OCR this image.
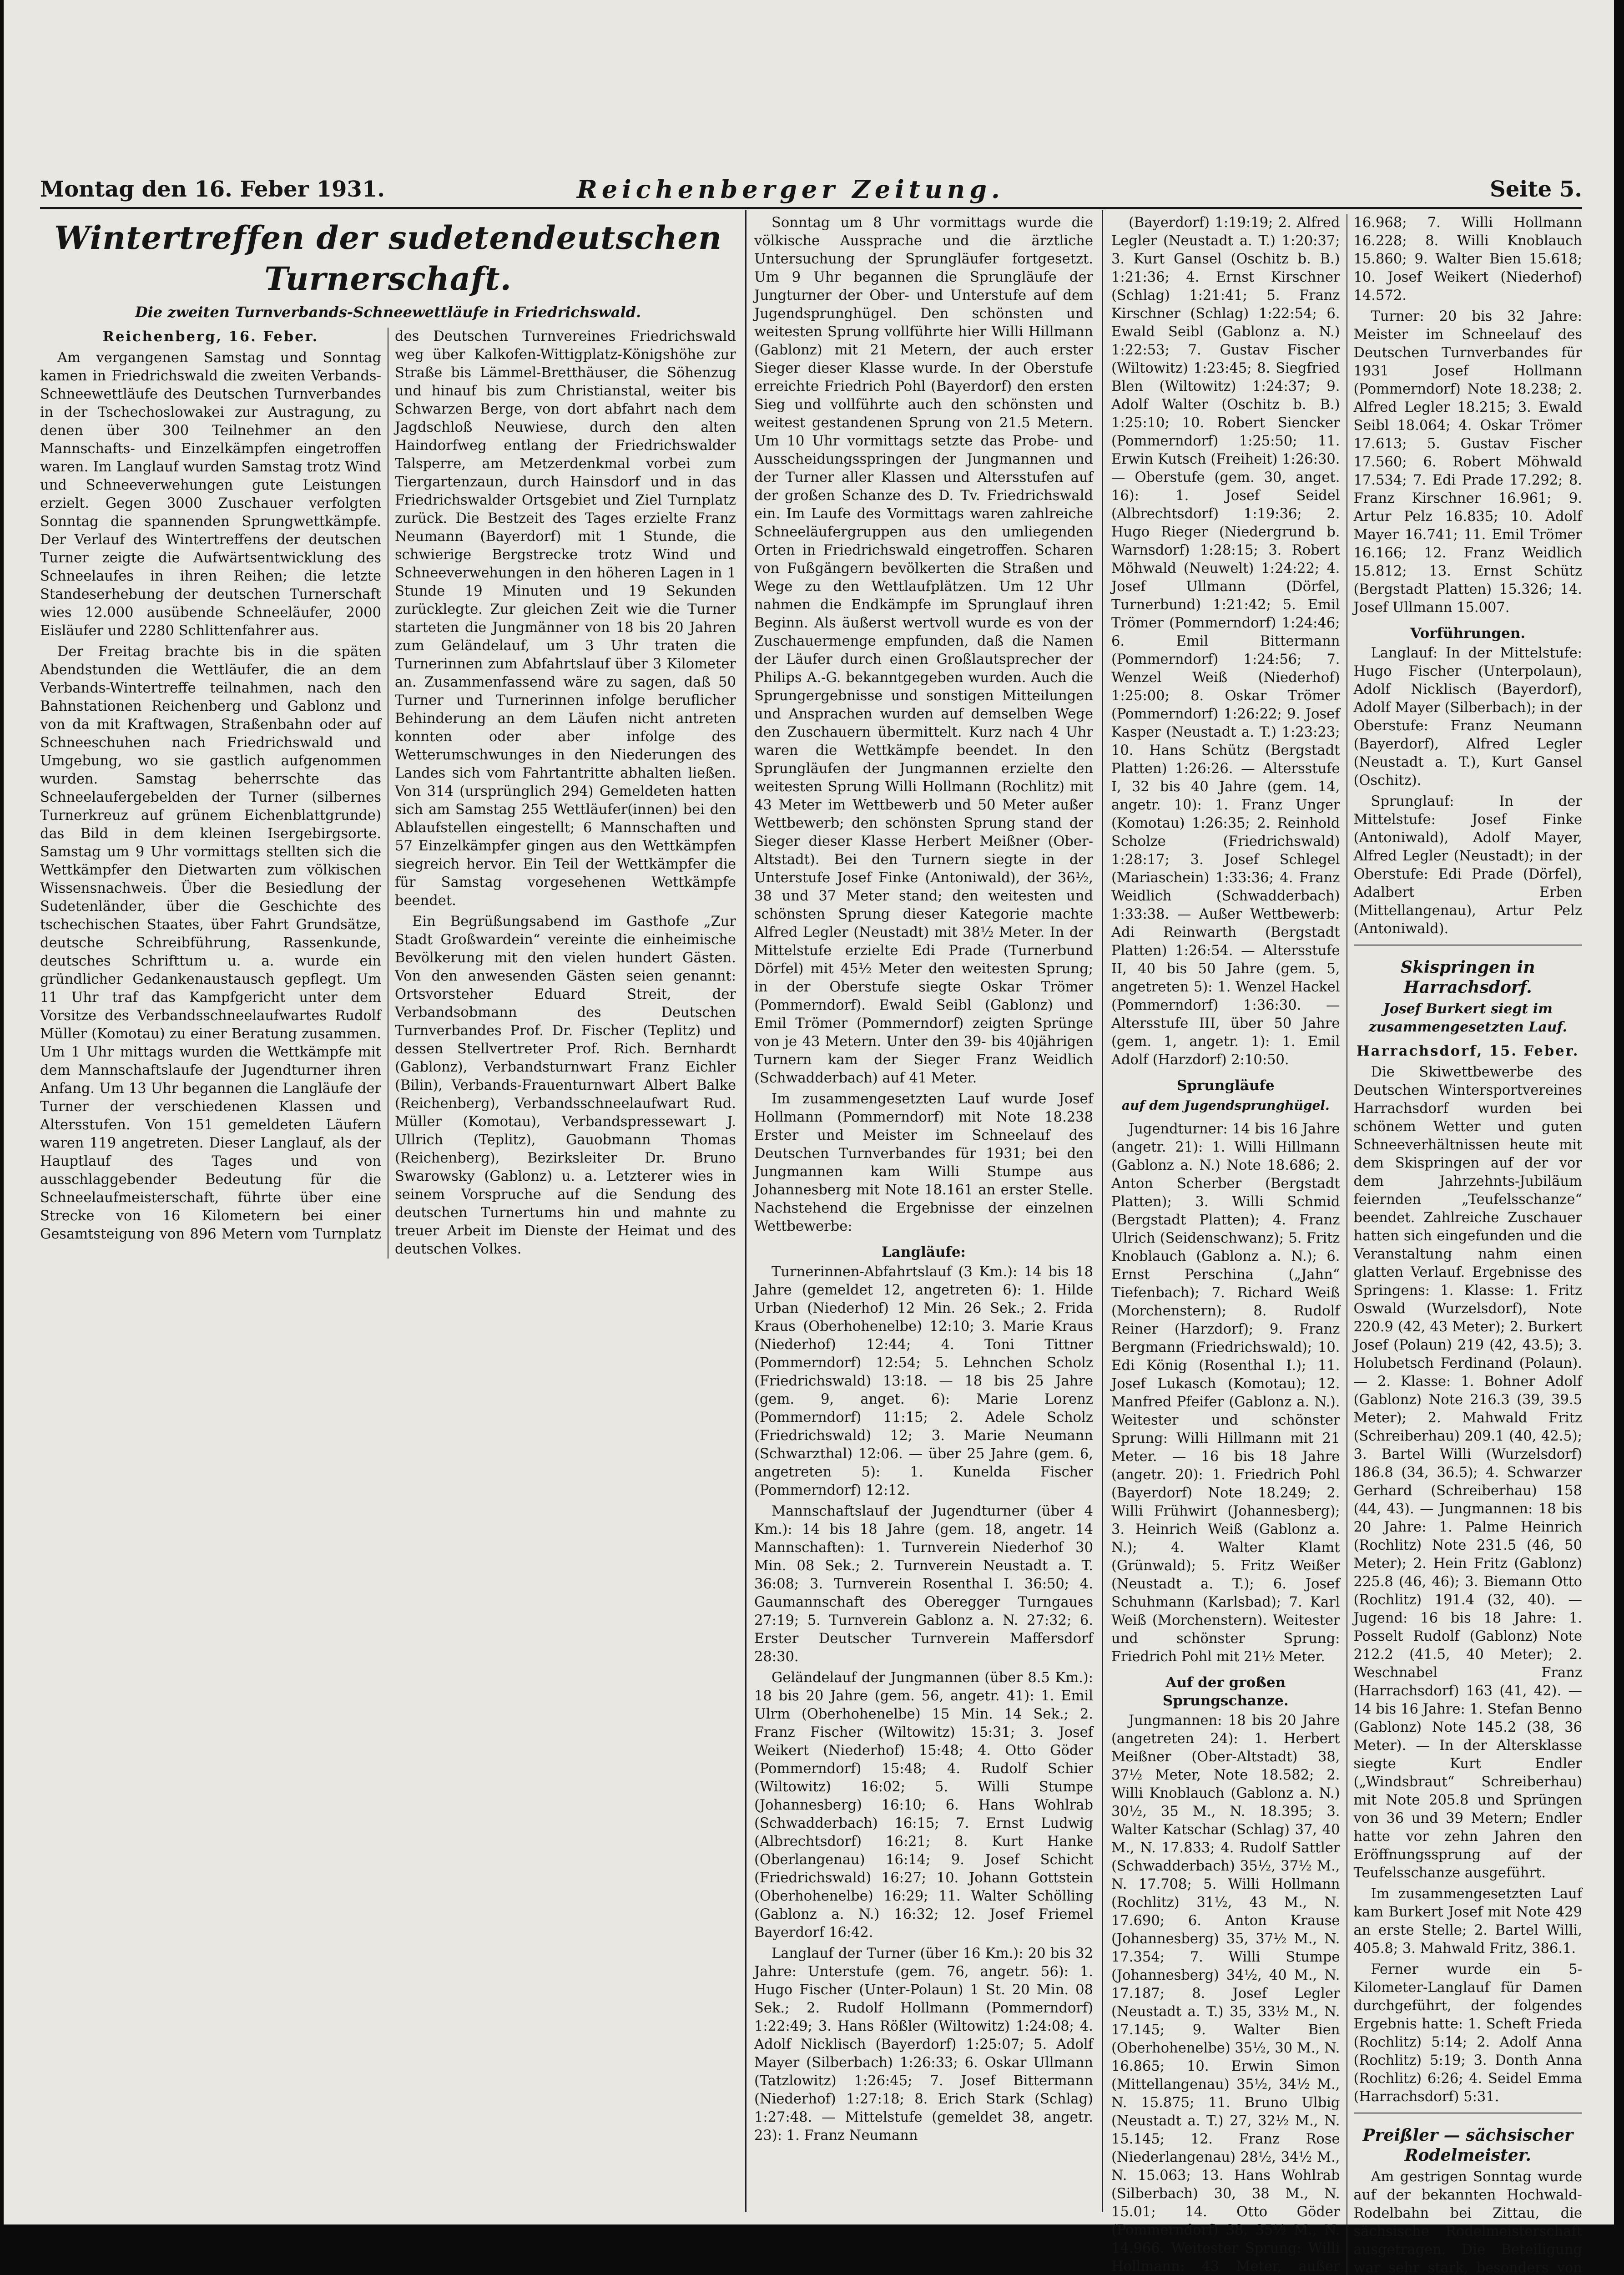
Montag den 16. Feber 1931.	Reichenberger Zeitung.	Seite 5.
Wintertreffen der sudetendeutschen Turnerschaft.
Die zweiten Turnverbands-Schneewettläufe in Friedrichswald.

Reichenberg, 16. Feber.

Am vergangenen Samstag und Sonntag kamen in Friedrichswald die zweiten Verbands-Schneewettläufe des Deutschen Turnverbandes in der Tschechoslowakei zur Austragung, zu denen über 300 Teilnehmer an den Mannschafts- und Einzelkämpfen eingetroffen waren. Im Langlauf wurden Samstag trotz Wind und Schneeverwehungen gute Leistungen erzielt. Gegen 3000 Zuschauer verfolgten Sonntag die spannenden Sprungwettkämpfe. Der Verlauf des Wintertreffens der deutschen Turner zeigte die Aufwärtsentwicklung des Schneelaufes in ihren Reihen; die letzte Standeserhebung der deutschen Turnerschaft wies 12.000 ausübende Schneeläufer, 2000 Eisläufer und 2280 Schlittenfahrer aus.

Der Freitag brachte bis in die späten Abendstunden die Wettläufer, die an dem Verbands-Wintertreffe teilnahmen, nach den Bahnstationen Reichenberg und Gablonz und von da mit Kraftwagen, Straßenbahn oder auf Schneeschuhen nach Friedrichswald und Umgebung, wo sie gastlich aufgenommen wurden. Samstag beherrschte das Schneelaufergebelden der Turner (silbernes Turnerkreuz auf grünem Eichenblattgrunde) das Bild in dem kleinen Isergebirgsorte. Samstag um 9 Uhr vormittags stellten sich die Wettkämpfer den Dietwarten zum völkischen Wissensnachweis. Über die Besiedlung der Sudetenländer, über die Geschichte des tschechischen Staates, über Fahrt Grundsätze, deutsche Schreibführung, Rassenkunde, deutsches Schrifttum u. a. wurde ein gründlicher Gedankenaustausch gepflegt. Um 11 Uhr traf das Kampfgericht unter dem Vorsitze des Verbandsschneelaufwartes Rudolf Müller (Komotau) zu einer Beratung zusammen. Um 1 Uhr mittags wurden die Wettkämpfe mit dem Mannschaftslaufe der Jugendturner ihren Anfang. Um 13 Uhr begannen die Langläufe der Turner der verschiedenen Klassen und Altersstufen. Von 151 gemeldeten Läufern waren 119 angetreten. Dieser Langlauf, als der Hauptlauf des Tages und von ausschlaggebender Bedeutung für die Schneelaufmeisterschaft, führte über eine Strecke von 16 Kilometern bei einer Gesamtsteigung von 896 Metern vom Turnplatz des Deutschen Turnvereines Friedrichswald weg über Kalkofen-Wittigplatz-Königshöhe zur Straße bis Lämmel-Bretthäuser, die Söhenzug und hinauf bis zum Christianstal, weiter bis Schwarzen Berge, von dort abfahrt nach dem Jagdschloß Neuwiese, durch den alten Haindorfweg entlang der Friedrichswalder Talsperre, am Metzerdenkmal vorbei zum Tiergartenzaun, durch Hainsdorf und in das Friedrichswalder Ortsgebiet und Ziel Turnplatz zurück. Die Bestzeit des Tages erzielte Franz Neumann (Bayerdorf) mit 1 Stunde, die schwierige Bergstrecke trotz Wind und Schneeverwehungen in den höheren Lagen in 1 Stunde 19 Minuten und 19 Sekunden zurücklegte. Zur gleichen Zeit wie die Turner starteten die Jungmänner von 18 bis 20 Jahren zum Geländelauf, um 3 Uhr traten die Turnerinnen zum Abfahrtslauf über 3 Kilometer an. Zusammenfassend wäre zu sagen, daß 50 Turner und Turnerinnen infolge beruflicher Behinderung an dem Läufen nicht antreten konnten oder aber infolge des Wetterumschwunges in den Niederungen des Landes sich vom Fahrtantritte abhalten ließen. Von 314 (ursprünglich 294) Gemeldeten hatten sich am Samstag 255 Wettläufer(innen) bei den Ablaufstellen eingestellt; 6 Mannschaften und 57 Einzelkämpfer gingen aus den Wettkämpfen siegreich hervor. Ein Teil der Wettkämpfer die für Samstag vorgesehenen Wettkämpfe beendet.

Ein Begrüßungsabend im Gasthofe „Zur Stadt Großwardein“ vereinte die einheimische Bevölkerung mit den vielen hundert Gästen. Von den anwesenden Gästen seien genannt: Ortsvorsteher Eduard Streit, der Verbandsobmann des Deutschen Turnverbandes Prof. Dr. Fischer (Teplitz) und dessen Stellvertreter Prof. Rich. Bernhardt (Gablonz), Verbandsturnwart Franz Eichler (Bilin), Verbands-Frauenturnwart Albert Balke (Reichenberg), Verbandsschneelaufwart Rud. Müller (Komotau), Verbandspressewart J. Ullrich (Teplitz), Gauobmann Thomas (Reichenberg), Bezirksleiter Dr. Bruno Swarowsky (Gablonz) u. a. Letzterer wies in seinem Vorspruche auf die Sendung des deutschen Turnertums hin und mahnte zu treuer Arbeit im Dienste der Heimat und des deutschen Volkes.

Sonntag um 8 Uhr vormittags wurde die völkische Aussprache und die ärztliche Untersuchung der Sprungläufer fortgesetzt. Um 9 Uhr begannen die Sprungläufe der Jungturner der Ober- und Unterstufe auf dem Jugendsprunghügel. Den schönsten und weitesten Sprung vollführte hier Willi Hillmann (Gablonz) mit 21 Metern, der auch erster Sieger dieser Klasse wurde. In der Oberstufe erreichte Friedrich Pohl (Bayerdorf) den ersten Sieg und vollführte auch den schönsten und weitest gestandenen Sprung von 21.5 Metern. Um 10 Uhr vormittags setzte das Probe- und Ausscheidungsspringen der Jungmannen und der Turner aller Klassen und Altersstufen auf der großen Schanze des D. Tv. Friedrichswald ein. Im Laufe des Vormittags waren zahlreiche Schneeläufergruppen aus den umliegenden Orten in Friedrichswald eingetroffen. Scharen von Fußgängern bevölkerten die Straßen und Wege zu den Wettlaufplätzen. Um 12 Uhr nahmen die Endkämpfe im Sprunglauf ihren Beginn. Als äußerst wertvoll wurde es von der Zuschauermenge empfunden, daß die Namen der Läufer durch einen Großlautsprecher der Philips A.-G. bekanntgegeben wurden. Auch die Sprungergebnisse und sonstigen Mitteilungen und Ansprachen wurden auf demselben Wege den Zuschauern übermittelt. Kurz nach 4 Uhr waren die Wettkämpfe beendet. In den Sprungläufen der Jungmannen erzielte den weitesten Sprung Willi Hollmann (Rochlitz) mit 43 Meter im Wettbewerb und 50 Meter außer Wettbewerb; den schönsten Sprung stand der Sieger dieser Klasse Herbert Meißner (Ober-Altstadt). Bei den Turnern siegte in der Unterstufe Josef Finke (Antoniwald), der 36½, 38 und 37 Meter stand; den weitesten und schönsten Sprung dieser Kategorie machte Alfred Legler (Neustadt) mit 38½ Meter. In der Mittelstufe erzielte Edi Prade (Turnerbund Dörfel) mit 45½ Meter den weitesten Sprung; in der Oberstufe siegte Oskar Trömer (Pommerndorf). Ewald Seibl (Gablonz) und Emil Trömer (Pommerndorf) zeigten Sprünge von je 43 Metern. Unter den 39- bis 40jährigen Turnern kam der Sieger Franz Weidlich (Schwadderbach) auf 41 Meter.

Im zusammengesetzten Lauf wurde Josef Hollmann (Pommerndorf) mit Note 18.238 Erster und Meister im Schneelauf des Deutschen Turnverbandes für 1931; bei den Jungmannen kam Willi Stumpe aus Johannesberg mit Note 18.161 an erster Stelle. Nachstehend die Ergebnisse der einzelnen Wettbewerbe:

Langläufe:

Turnerinnen-Abfahrtslauf (3 Km.): 14 bis 18 Jahre (gemeldet 12, angetreten 6): 1. Hilde Urban (Niederhof) 12 Min. 26 Sek.; 2. Frida Kraus (Oberhohenelbe) 12:10; 3. Marie Kraus (Niederhof) 12:44; 4. Toni Tittner (Pommerndorf) 12:54; 5. Lehnchen Scholz (Friedrichswald) 13:18. — 18 bis 25 Jahre (gem. 9, anget. 6): Marie Lorenz (Pommerndorf) 11:15; 2. Adele Scholz (Friedrichswald) 12; 3. Marie Neumann (Schwarzthal) 12:06. — über 25 Jahre (gem. 6, angetreten 5): 1. Kunelda Fischer (Pommerndorf) 12:12.

Mannschaftslauf der Jugendturner (über 4 Km.): 14 bis 18 Jahre (gem. 18, angetr. 14 Mannschaften): 1. Turnverein Niederhof 30 Min. 08 Sek.; 2. Turnverein Neustadt a. T. 36:08; 3. Turnverein Rosenthal I. 36:50; 4. Gaumannschaft des Oberegger Turngaues 27:19; 5. Turnverein Gablonz a. N. 27:32; 6. Erster Deutscher Turnverein Maffersdorf 28:30.

Geländelauf der Jungmannen (über 8.5 Km.): 18 bis 20 Jahre (gem. 56, angetr. 41): 1. Emil Ulrm (Oberhohenelbe) 15 Min. 14 Sek.; 2. Franz Fischer (Wiltowitz) 15:31; 3. Josef Weikert (Niederhof) 15:48; 4. Otto Göder (Pommerndorf) 15:48; 4. Rudolf Schier (Wiltowitz) 16:02; 5. Willi Stumpe (Johannesberg) 16:10; 6. Hans Wohlrab (Schwadderbach) 16:15; 7. Ernst Ludwig (Albrechtsdorf) 16:21; 8. Kurt Hanke (Oberlangenau) 16:14; 9. Josef Schicht (Friedrichswald) 16:27; 10. Johann Gottstein (Oberhohenelbe) 16:29; 11. Walter Schölling (Gablonz a. N.) 16:32; 12. Josef Friemel Bayerdorf 16:42.

Langlauf der Turner (über 16 Km.): 20 bis 32 Jahre: Unterstufe (gem. 76, angetr. 56): 1. Hugo Fischer (Unter-Polaun) 1 St. 20 Min. 08 Sek.; 2. Rudolf Hollmann (Pommerndorf) 1:22:49; 3. Hans Rößler (Wiltowitz) 1:24:08; 4. Adolf Nicklisch (Bayerdorf) 1:25:07; 5. Adolf Mayer (Silberbach) 1:26:33; 6. Oskar Ullmann (Tatzlowitz) 1:26:45; 7. Josef Bittermann (Niederhof) 1:27:18; 8. Erich Stark (Schlag) 1:27:48. — Mittelstufe (gemeldet 38, angetr. 23): 1. Franz Neumann

(Bayerdorf) 1:19:19; 2. Alfred Legler (Neustadt a. T.) 1:20:37; 3. Kurt Gansel (Oschitz b. B.) 1:21:36; 4. Ernst Kirschner (Schlag) 1:21:41; 5. Franz Kirschner (Schlag) 1:22:54; 6. Ewald Seibl (Gablonz a. N.) 1:22:53; 7. Gustav Fischer (Wiltowitz) 1:23:45; 8. Siegfried Blen (Wiltowitz) 1:24:37; 9. Adolf Walter (Oschitz b. B.) 1:25:10; 10. Robert Siencker (Pommerndorf) 1:25:50; 11. Erwin Kutsch (Freiheit) 1:26:30. — Oberstufe (gem. 30, anget. 16): 1. Josef Seidel (Albrechtsdorf) 1:19:36; 2. Hugo Rieger (Niedergrund b. Warnsdorf) 1:28:15; 3. Robert Möhwald (Neuwelt) 1:24:22; 4. Josef Ullmann (Dörfel, Turnerbund) 1:21:42; 5. Emil Trömer (Pommerndorf) 1:24:46; 6. Emil Bittermann (Pommerndorf) 1:24:56; 7. Wenzel Weiß (Niederhof) 1:25:00; 8. Oskar Trömer (Pommerndorf) 1:26:22; 9. Josef Kasper (Neustadt a. T.) 1:23:23; 10. Hans Schütz (Bergstadt Platten) 1:26:26. — Altersstufe I, 32 bis 40 Jahre (gem. 14, angetr. 10): 1. Franz Unger (Komotau) 1:26:35; 2. Reinhold Scholze (Friedrichswald) 1:28:17; 3. Josef Schlegel (Mariaschein) 1:33:36; 4. Franz Weidlich (Schwadderbach) 1:33:38. — Außer Wettbewerb: Adi Reinwarth (Bergstadt Platten) 1:26:54. — Altersstufe II, 40 bis 50 Jahre (gem. 5, angetreten 5): 1. Wenzel Hackel (Pommerndorf) 1:36:30. — Altersstufe III, über 50 Jahre (gem. 1, angetr. 1): 1. Emil Adolf (Harzdorf) 2:10:50.

Sprungläufe
auf dem Jugendsprunghügel.

Jugendturner: 14 bis 16 Jahre (angetr. 21): 1. Willi Hillmann (Gablonz a. N.) Note 18.686; 2. Anton Scherber (Bergstadt Platten); 3. Willi Schmid (Bergstadt Platten); 4. Franz Ulrich (Seidenschwanz); 5. Fritz Knoblauch (Gablonz a. N.); 6. Ernst Perschina („Jahn“ Tiefenbach); 7. Richard Weiß (Morchenstern); 8. Rudolf Reiner (Harzdorf); 9. Franz Bergmann (Friedrichswald); 10. Edi König (Rosenthal I.); 11. Josef Lukasch (Komotau); 12. Manfred Pfeifer (Gablonz a. N.). Weitester und schönster Sprung: Willi Hillmann mit 21 Meter. — 16 bis 18 Jahre (angetr. 20): 1. Friedrich Pohl (Bayerdorf) Note 18.249; 2. Willi Frühwirt (Johannesberg); 3. Heinrich Weiß (Gablonz a. N.); 4. Walter Klamt (Grünwald); 5. Fritz Weißer (Neustadt a. T.); 6. Josef Schuhmann (Karlsbad); 7. Karl Weiß (Morchenstern). Weitester und schönster Sprung: Friedrich Pohl mit 21½ Meter.

Auf der großen Sprungschanze.

Jungmannen: 18 bis 20 Jahre (angetreten 24): 1. Herbert Meißner (Ober-Altstadt) 38, 37½ Meter, Note 18.582; 2. Willi Knoblauch (Gablonz a. N.) 30½, 35 M., N. 18.395; 3. Walter Katschar (Schlag) 37, 40 M., N. 17.833; 4. Rudolf Sattler (Schwadderbach) 35½, 37½ M., N. 17.708; 5. Willi Hollmann (Rochlitz) 31½, 43 M., N. 17.690; 6. Anton Krause (Johannesberg) 35, 37½ M., N. 17.354; 7. Willi Stumpe (Johannesberg) 34½, 40 M., N. 17.187; 8. Josef Legler (Neustadt a. T.) 35, 33½ M., N. 17.145; 9. Walter Bien (Oberhohenelbe) 35½, 30 M., N. 16.865; 10. Erwin Simon (Mittellangenau) 35½, 34½ M., N. 15.875; 11. Bruno Ulbig (Neustadt a. T.) 27, 32½ M., N. 15.145; 12. Franz Rose (Niederlangenau) 28½, 34½ M., N. 15.063; 13. Hans Wohlrab (Silberbach) 30, 38 M., N. 15.01; 14. Otto Göder (Pommerndorf) 38, 35½ M., N. 14.966. Weitester Sprung: Willi Hollmann: 43 Meter, außer

16.968; 7. Willi Hollmann 16.228; 8. Willi Knoblauch 15.860; 9. Walter Bien 15.618; 10. Josef Weikert (Niederhof) 14.572.

Turner: 20 bis 32 Jahre: Meister im Schneelauf des Deutschen Turnverbandes für 1931 Josef Hollmann (Pommerndorf) Note 18.238; 2. Alfred Legler 18.215; 3. Ewald Seibl 18.064; 4. Oskar Trömer 17.613; 5. Gustav Fischer 17.560; 6. Robert Möhwald 17.534; 7. Edi Prade 17.292; 8. Franz Kirschner 16.961; 9. Artur Pelz 16.835; 10. Adolf Mayer 16.741; 11. Emil Trömer 16.166; 12. Franz Weidlich 15.812; 13. Ernst Schütz (Bergstadt Platten) 15.326; 14. Josef Ullmann 15.007.

Vorführungen.

Langlauf: In der Mittelstufe: Hugo Fischer (Unterpolaun), Adolf Nicklisch (Bayerdorf), Adolf Mayer (Silberbach); in der Oberstufe: Franz Neumann (Bayerdorf), Alfred Legler (Neustadt a. T.), Kurt Gansel (Oschitz).

Sprunglauf: In der Mittelstufe: Josef Finke (Antoniwald), Adolf Mayer, Alfred Legler (Neustadt); in der Oberstufe: Edi Prade (Dörfel), Adalbert Erben (Mittellangenau), Artur Pelz (Antoniwald).

Skispringen in Harrachsdorf.
Josef Burkert siegt im zusammengesetzten Lauf.

Harrachsdorf, 15. Feber.

Die Skiwettbewerbe des Deutschen Wintersportvereines Harrachsdorf wurden bei schönem Wetter und guten Schneeverhältnissen heute mit dem Skispringen auf der vor dem Jahrzehnts-Jubiläum feiernden „Teufelsschanze“ beendet. Zahlreiche Zuschauer hatten sich eingefunden und die Veranstaltung nahm einen glatten Verlauf. Ergebnisse des Springens: 1. Klasse: 1. Fritz Oswald (Wurzelsdorf), Note 220.9 (42, 43 Meter); 2. Burkert Josef (Polaun) 219 (42, 43.5); 3. Holubetsch Ferdinand (Polaun). — 2. Klasse: 1. Bohner Adolf (Gablonz) Note 216.3 (39, 39.5 Meter); 2. Mahwald Fritz (Schreiberhau) 209.1 (40, 42.5); 3. Bartel Willi (Wurzelsdorf) 186.8 (34, 36.5); 4. Schwarzer Gerhard (Schreiberhau) 158 (44, 43). — Jungmannen: 18 bis 20 Jahre: 1. Palme Heinrich (Rochlitz) Note 231.5 (46, 50 Meter); 2. Hein Fritz (Gablonz) 225.8 (46, 46); 3. Biemann Otto (Rochlitz) 191.4 (32, 40). — Jugend: 16 bis 18 Jahre: 1. Posselt Rudolf (Gablonz) Note 212.2 (41.5, 40 Meter); 2. Weschnabel Franz (Harrachsdorf) 163 (41, 42). — 14 bis 16 Jahre: 1. Stefan Benno (Gablonz) Note 145.2 (38, 36 Meter). — In der Altersklasse siegte Kurt Endler („Windsbraut“ Schreiberhau) mit Note 205.8 und Sprüngen von 36 und 39 Metern; Endler hatte vor zehn Jahren den Eröffnungssprung auf der Teufelsschanze ausgeführt.

Im zusammengesetzten Lauf kam Burkert Josef mit Note 429 an erste Stelle; 2. Bartel Willi, 405.8; 3. Mahwald Fritz, 386.1.

Ferner wurde ein 5-Kilometer-Langlauf für Damen durchgeführt, der folgendes Ergebnis hatte: 1. Scheft Frieda (Rochlitz) 5:14; 2. Adolf Anna (Rochlitz) 5:19; 3. Donth Anna (Rochlitz) 6:26; 4. Seidel Emma (Harrachsdorf) 5:31.

Preißler — sächsischer Rodelmeister.

Am gestrigen Sonntag wurde auf der bekannten Hochwald-Rodelbahn bei Zittau, die sächsische Rodelmeisterschaft ausgetragen. Die Beteiligung war sehr stark, besonders von
